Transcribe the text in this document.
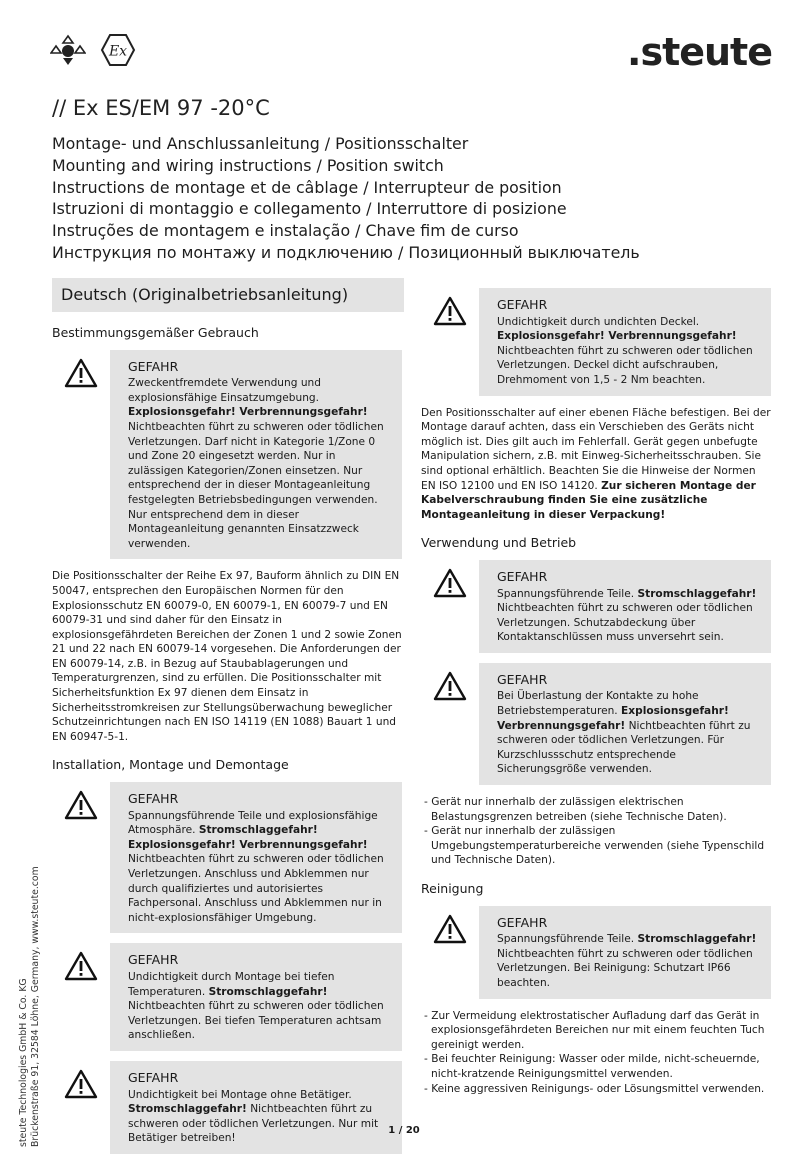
Ex	.steute
// Ex ES/EM 97 -20°C
Montage- und Anschlussanleitung / Positionsschalter
Mounting and wiring instructions / Position switch
Instructions de montage et de câblage / Interrupteur de position
Istruzioni di montaggio e collegamento / Interruttore di posizione
Instruções de montagem e instalação / Chave fim de curso
Инструкция по монтажу и подключению / Позиционный выключатель
Deutsch (Originalbetriebsanleitung)
Bestimmungsgemäßer Gebrauch
GEFAHR
Zweckentfremdete Verwendung und explosionsfähige Einsatzumgebung. Explosionsgefahr! Verbrennungsgefahr! Nichtbeachten führt zu schweren oder tödlichen Verletzungen. Darf nicht in Kategorie 1/Zone 0 und Zone 20 eingesetzt werden. Nur in zulässigen Kategorien/Zonen einsetzen. Nur entsprechend der in dieser Montageanleitung festgelegten Betriebsbedingungen verwenden. Nur entsprechend dem in dieser Montageanleitung genannten Einsatzzweck verwenden.
Die Positionsschalter der Reihe Ex 97, Bauform ähnlich zu DIN EN 50047, entsprechen den Europäischen Normen für den Explosionsschutz EN 60079-0, EN 60079-1, EN 60079-7 und EN 60079-31 und sind daher für den Einsatz in explosionsgefährdeten Bereichen der Zonen 1 und 2 sowie Zonen 21 und 22 nach EN 60079-14 vorgesehen. Die Anforderungen der EN 60079-14, z.B. in Bezug auf Staubablagerungen und Temperaturgrenzen, sind zu erfüllen. Die Positionsschalter mit Sicherheitsfunktion Ex 97 dienen dem Einsatz in Sicherheitsstromkreisen zur Stellungsüberwachung beweglicher Schutzeinrichtungen nach EN ISO 14119 (EN 1088) Bauart 1 und EN 60947-5-1.
Installation, Montage und Demontage
GEFAHR
Spannungsführende Teile und explosionsfähige Atmosphäre. Stromschlaggefahr! Explosionsgefahr! Verbrennungsgefahr! Nichtbeachten führt zu schweren oder tödlichen Verletzungen. Anschluss und Abklemmen nur durch qualifiziertes und autorisiertes Fachpersonal. Anschluss und Abklemmen nur in nicht-explosionsfähiger Umgebung.
GEFAHR
Undichtigkeit durch Montage bei tiefen Temperaturen. Stromschlaggefahr! Nichtbeachten führt zu schweren oder tödlichen Verletzungen. Bei tiefen Temperaturen achtsam anschließen.
GEFAHR
Undichtigkeit bei Montage ohne Betätiger. Stromschlaggefahr! Nichtbeachten führt zu schweren oder tödlichen Verletzungen. Nur mit Betätiger betreiben!
GEFAHR
Undichtigkeit durch undichten Deckel. Explosionsgefahr! Verbrennungsgefahr! Nichtbeachten führt zu schweren oder tödlichen Verletzungen. Deckel dicht aufschrauben, Drehmoment von 1,5 - 2 Nm beachten.
Den Positionsschalter auf einer ebenen Fläche befestigen. Bei der Montage darauf achten, dass ein Verschieben des Geräts nicht möglich ist. Dies gilt auch im Fehlerfall. Gerät gegen unbefugte Manipulation sichern, z.B. mit Einweg-Sicherheitsschrauben. Sie sind optional erhältlich. Beachten Sie die Hinweise der Normen EN ISO 12100 und EN ISO 14120. Zur sicheren Montage der Kabelverschraubung finden Sie eine zusätzliche Montageanleitung in dieser Verpackung!
Verwendung und Betrieb
GEFAHR
Spannungsführende Teile. Stromschlaggefahr! Nichtbeachten führt zu schweren oder tödlichen Verletzungen. Schutzabdeckung über Kontaktanschlüssen muss unversehrt sein.
GEFAHR
Bei Überlastung der Kontakte zu hohe Betriebstemperaturen. Explosionsgefahr! Verbrennungsgefahr! Nichtbeachten führt zu schweren oder tödlichen Verletzungen. Für Kurzschlussschutz entsprechende Sicherungsgröße verwenden.
- Gerät nur innerhalb der zulässigen elektrischen Belastungsgrenzen betreiben (siehe Technische Daten).
- Gerät nur innerhalb der zulässigen Umgebungstemperaturbereiche verwenden (siehe Typenschild und Technische Daten).
Reinigung
GEFAHR
Spannungsführende Teile. Stromschlaggefahr! Nichtbeachten führt zu schweren oder tödlichen Verletzungen. Bei Reinigung: Schutzart IP66 beachten.
- Zur Vermeidung elektrostatischer Aufladung darf das Gerät in explosionsgefährdeten Bereichen nur mit einem feuchten Tuch gereinigt werden.
- Bei feuchter Reinigung: Wasser oder milde, nicht-scheuernde, nicht-kratzende Reinigungsmittel verwenden.
- Keine aggressiven Reinigungs- oder Lösungsmittel verwenden.
steute Technologies GmbH & Co. KG Brückenstraße 91, 32584 Löhne, Germany, www.steute.com	1 / 20
